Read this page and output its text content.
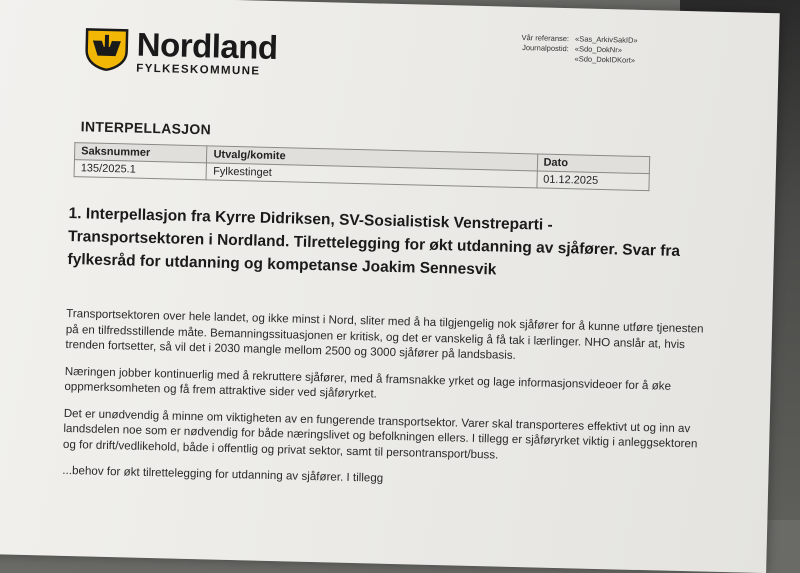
Nordland
FYLKESKOMMUNE
Vår referanse: «Sas_ArkivSakID»
Journalpostid: «Sdo_DokNr»
«Sdo_DokIDKort»
INTERPELLASJON
Saksnummer	Utvalg/komite	Dato
135/2025.1	Fylkestinget	01.12.2025
1. Interpellasjon fra Kyrre Didriksen, SV-Sosialistisk Venstreparti - Transportsektoren i Nordland. Tilrettelegging for økt utdanning av sjåfører. Svar fra fylkesråd for utdanning og kompetanse Joakim Sennesvik

Transportsektoren over hele landet, og ikke minst i Nord, sliter med å ha tilgjengelig nok sjåfører for å kunne utføre tjenesten på en tilfredsstillende måte. Bemanningssituasjonen er kritisk, og det er vanskelig å få tak i lærlinger. NHO anslår at, hvis trenden fortsetter, så vil det i 2030 mangle mellom 2500 og 3000 sjåfører på landsbasis.

Næringen jobber kontinuerlig med å rekruttere sjåfører, med å framsnakke yrket og lage informasjonsvideoer for å øke oppmerksomheten og få frem attraktive sider ved sjåføryrket.

Det er unødvendig å minne om viktigheten av en fungerende transportsektor. Varer skal transporteres effektivt ut og inn av landsdelen noe som er nødvendig for både næringslivet og befolkningen ellers. I tillegg er sjåføryrket viktig i anleggsektoren og for drift/vedlikehold, både i offentlig og privat sektor, samt til persontransport/buss.

...behov for økt tilrettelegging for utdanning av sjåfører. I tillegg
